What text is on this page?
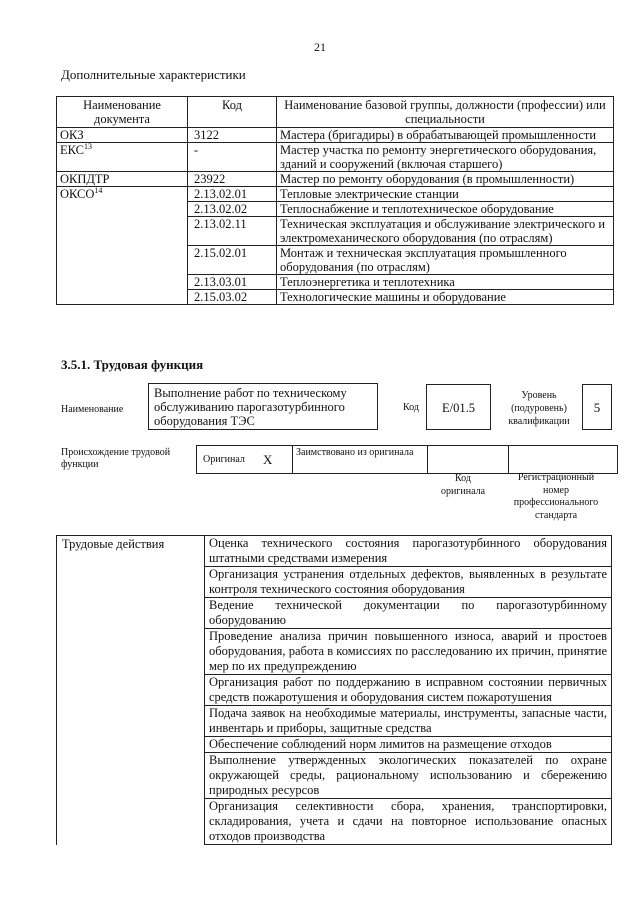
21
Дополнительные характеристики
Наименование документа	Код	Наименование базовой группы, должности (профессии) или специальности
ОКЗ	3122	Мастера (бригадиры) в обрабатывающей промышленности
ЕКС$^{13}$	-	Мастер участка по ремонту энергетического оборудования, зданий и сооружений (включая старшего)
ОКПДТР	23922	Мастер по ремонту оборудования (в промышленности)
ОКСО$^{14}$	2.13.02.01	Тепловые электрические станции
	2.13.02.02	Теплоснабжение и теплотехническое оборудование
	2.13.02.11	Техническая эксплуатация и обслуживание электрического и электромеханического оборудования (по отраслям)
	2.15.02.01	Монтаж и техническая эксплуатация промышленного оборудования (по отраслям)
	2.13.03.01	Теплоэнергетика и теплотехника
	2.15.03.02	Технологические машины и оборудование
3.5.1. Трудовая функция
Наименование
Выполнение работ по техническому обслуживанию парогазотурбинного оборудования ТЭС
Код	E/01.5
Уровень (подуровень) квалификации
5
Происхождение трудовой функции	Оригинал	X	Заимствовано из оригинала		
Код оригинала
Регистрационный номер профессионального стандарта
Трудовые действия	Оценка технического состояния парогазотурбинного оборудования штатными средствами измерения
Организация устранения отдельных дефектов, выявленных в результате контроля технического состояния оборудования
Ведение технической документации по парогазотурбинному оборудованию
Проведение анализа причин повышенного износа, аварий и простоев оборудования, работа в комиссиях по расследованию их причин, принятие мер по их предупреждению
Организация работ по поддержанию в исправном состоянии первичных средств пожаротушения и оборудования систем пожаротушения
Подача заявок на необходимые материалы, инструменты, запасные части, инвентарь и приборы, защитные средства
Обеспечение соблюдений норм лимитов на размещение отходов
Выполнение утвержденных экологических показателей по охране окружающей среды, рациональному использованию и сбережению природных ресурсов
Организация селективности сбора, хранения, транспортировки, складирования, учета и сдачи на повторное использование опасных отходов производства
